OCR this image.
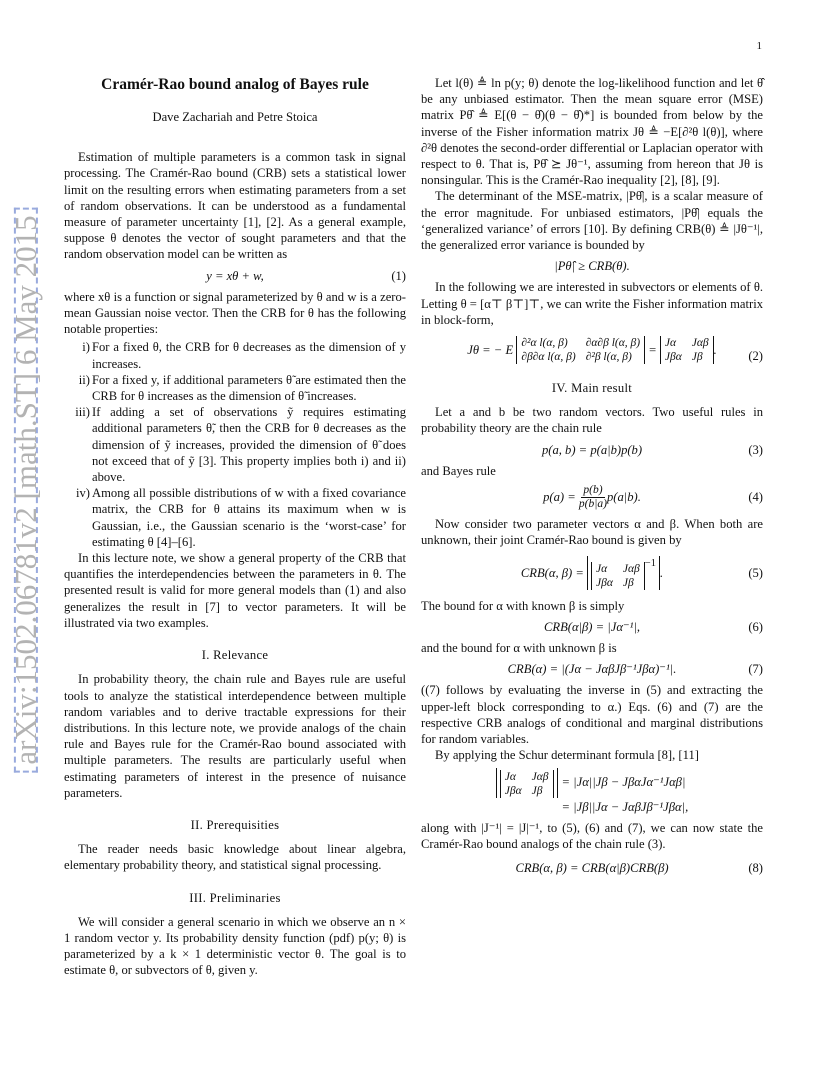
1
arXiv:1502.06781v2 [math.ST] 6 May 2015
Cramér-Rao bound analog of Bayes rule
Dave Zachariah and Petre Stoica

Estimation of multiple parameters is a common task in signal processing. The Cramér-Rao bound (CRB) sets a statistical lower limit on the resulting errors when estimating parameters from a set of random observations. It can be understood as a fundamental measure of parameter uncertainty [1], [2]. As a general example, suppose θ denotes the vector of sought parameters and that the random observation model can be written as

y = xθ + w,	(1)

where xθ is a function or signal parameterized by θ and w is a zero-mean Gaussian noise vector. Then the CRB for θ has the following notable properties:

i) For a fixed θ, the CRB for θ decreases as the dimension of y increases.
ii) For a fixed y, if additional parameters θ̃ are estimated then the CRB for θ increases as the dimension of θ̃ increases.
iii) If adding a set of observations ỹ requires estimating additional parameters θ̃, then the CRB for θ decreases as the dimension of ỹ increases, provided the dimension of θ̃ does not exceed that of ỹ [3]. This property implies both i) and ii) above.
iv) Among all possible distributions of w with a fixed covariance matrix, the CRB for θ attains its maximum when w is Gaussian, i.e., the Gaussian scenario is the ‘worst-case’ for estimating θ [4]–[6].

In this lecture note, we show a general property of the CRB that quantifies the interdependencies between the parameters in θ. The presented result is valid for more general models than (1) and also generalizes the result in [7] to vector parameters. It will be illustrated via two examples.

I. Relevance

In probability theory, the chain rule and Bayes rule are useful tools to analyze the statistical interdependence between multiple random variables and to derive tractable expressions for their distributions. In this lecture note, we provide analogs of the chain rule and Bayes rule for the Cramér-Rao bound associated with multiple parameters. The results are particularly useful when estimating parameters of interest in the presence of nuisance parameters.

II. Prerequisities

The reader needs basic knowledge about linear algebra, elementary probability theory, and statistical signal processing.

III. Preliminaries

We will consider a general scenario in which we observe an n × 1 random vector y. Its probability density function (pdf) p(y; θ) is parameterized by a k × 1 deterministic vector θ. The goal is to estimate θ, or subvectors of θ, given y.

Let l(θ) ≜ ln p(y; θ) denote the log-likelihood function and let θ̂ be any unbiased estimator. Then the mean square error (MSE) matrix Pθ̂ ≜ E[(θ − θ̂)(θ − θ̂)*] is bounded from below by the inverse of the Fisher information matrix Jθ ≜ −E[∂²θ l(θ)], where ∂²θ denotes the second-order differential or Laplacian operator with respect to θ. That is, Pθ̂ ⪰ Jθ⁻¹, assuming from hereon that Jθ is nonsingular. This is the Cramér-Rao inequality [2], [8], [9].

The determinant of the MSE-matrix, |Pθ̂|, is a scalar measure of the error magnitude. For unbiased estimators, |Pθ̂| equals the ‘generalized variance’ of errors [10]. By defining CRB(θ) ≜ |Jθ⁻¹|, the generalized error variance is bounded by

|Pθ̂| ≥ CRB(θ).

In the following we are interested in subvectors or elements of θ. Letting θ = [α⊤ β⊤]⊤, we can write the Fisher information matrix in block-form,

Jθ = − E
∂²α l(α, β)	∂α∂β l(α, β)
∂β∂α l(α, β) ∂²β l(α, β)
= Jα	Jαβ
Jβα Jβ
.	(2)
IV. Main result

Let a and b be two random vectors. Two useful rules in probability theory are the chain rule

p(a, b) = p(a|b)p(b)	(3)

and Bayes rule

p(a) =
$\frac{p(b)}{p(b|a)} p(a|b)$.	(4)

Now consider two parameter vectors α and β. When both are unknown, their joint Cramér-Rao bound is given by

CRB(α, β) =
Jα	Jαβ
Jβα Jβ
$^{-1}$
.	(5)

The bound for α with known β is simply

CRB(α|β) = |Jα⁻¹|,	(6)

and the bound for α with unknown β is

CRB(α) = |(Jα − JαβJβ⁻¹Jβα)⁻¹|.	(7)

((7) follows by evaluating the inverse in (5) and extracting the upper-left block corresponding to α.) Eqs. (6) and (7) are the respective CRB analogs of conditional and marginal distributions for random variables.

By applying the Schur determinant formula [8], [11]

Jα	Jαβ
Jβα Jβ
= |Jα||Jβ − JβαJα⁻¹Jαβ|
= |Jβ||Jα − JαβJβ⁻¹Jβα|,

along with |J⁻¹| = |J|⁻¹, to (5), (6) and (7), we can now state the Cramér-Rao bound analogs of the chain rule (3).

CRB(α, β) = CRB(α|β)CRB(β)	(8)
